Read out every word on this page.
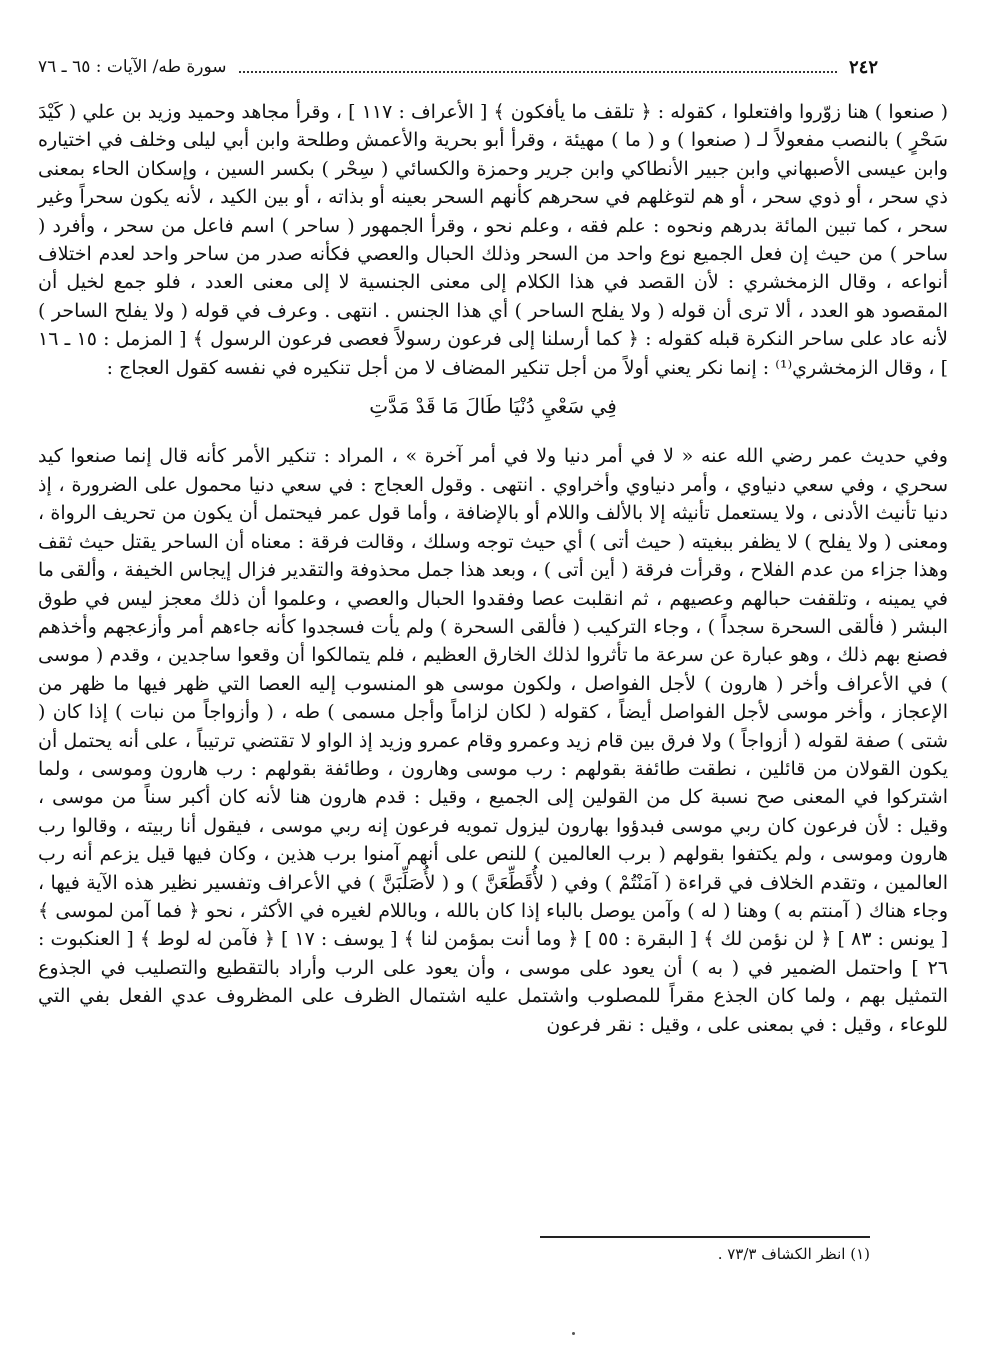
٢٤٢
سورة طه/ الآيات : ٦٥ ـ ٧٦

( صنعوا ) هنا زوّروا وافتعلوا ، كقوله : ﴿ تلقف ما يأفكون ﴾ [ الأعراف : ١١٧ ] ، وقرأ مجاهد وحميد وزيد بن علي ( كَيْدَ سَحْرٍ ) بالنصب مفعولاً لـ ( صنعوا ) و ( ما ) مهيئة ، وقرأ أبو بحرية والأعمش وطلحة وابن أبي ليلى وخلف في اختياره وابن عيسى الأصبهاني وابن جبير الأنطاكي وابن جرير وحمزة والكسائي ( سِحْر ) بكسر السين ، وإسكان الحاء بمعنى ذي سحر ، أو ذوي سحر ، أو هم لتوغلهم في سحرهم كأنهم السحر بعينه أو بذاته ، أو بين الكيد ، لأنه يكون سحراً وغير سحر ، كما تبين المائة بدرهم ونحوه : علم فقه ، وعلم نحو ، وقرأ الجمهور ( ساحر ) اسم فاعل من سحر ، وأفرد ( ساحر ) من حيث إن فعل الجميع نوع واحد من السحر وذلك الحبال والعصي فكأنه صدر من ساحر واحد لعدم اختلاف أنواعه ، وقال الزمخشري : لأن القصد في هذا الكلام إلى معنى الجنسية لا إلى معنى العدد ، فلو جمع لخيل أن المقصود هو العدد ، ألا ترى أن قوله ( ولا يفلح الساحر ) أي هذا الجنس . انتهى . وعرف في قوله ( ولا يفلح الساحر ) لأنه عاد على ساحر النكرة قبله كقوله : ﴿ كما أرسلنا إلى فرعون رسولاً فعصى فرعون الرسول ﴾ [ المزمل : ١٥ ـ ١٦ ] ، وقال الزمخشري⁽¹⁾ : إنما نكر يعني أولاً من أجل تنكير المضاف لا من أجل تنكيره في نفسه كقول العجاج :

فِي سَعْيِ دُنْيَا طَالَ مَا قَدْ مَدَّتِ

وفي حديث عمر رضي الله عنه « لا في أمر دنيا ولا في أمر آخرة » ، المراد : تنكير الأمر كأنه قال إنما صنعوا كيد سحري ، وفي سعي دنياوي ، وأمر دنياوي وأخراوي . انتهى . وقول العجاج : في سعي دنيا محمول على الضرورة ، إذ دنيا تأنيث الأدنى ، ولا يستعمل تأنيثه إلا بالألف واللام أو بالإضافة ، وأما قول عمر فيحتمل أن يكون من تحريف الرواة ، ومعنى ( ولا يفلح ) لا يظفر ببغيته ( حيث أتى ) أي حيث توجه وسلك ، وقالت فرقة : معناه أن الساحر يقتل حيث ثقف وهذا جزاء من عدم الفلاح ، وقرأت فرقة ( أين أتى ) ، وبعد هذا جمل محذوفة والتقدير فزال إيجاس الخيفة ، وألقى ما في يمينه ، وتلقفت حبالهم وعصيهم ، ثم انقلبت عصا وفقدوا الحبال والعصي ، وعلموا أن ذلك معجز ليس في طوق البشر ( فألقى السحرة سجداً ) ، وجاء التركيب ( فألقى السحرة ) ولم يأت فسجدوا كأنه جاءهم أمر وأزعجهم وأخذهم فصنع بهم ذلك ، وهو عبارة عن سرعة ما تأثروا لذلك الخارق العظيم ، فلم يتمالكوا أن وقعوا ساجدين ، وقدم ( موسى ) في الأعراف وأخر ( هارون ) لأجل الفواصل ، ولكون موسى هو المنسوب إليه العصا التي ظهر فيها ما ظهر من الإعجاز ، وأخر موسى لأجل الفواصل أيضاً ، كقوله ( لكان لزاماً وأجل مسمى ) طه ، ( وأزواجاً من نبات ) إذا كان ( شتى ) صفة لقوله ( أزواجاً ) ولا فرق بين قام زيد وعمرو وقام عمرو وزيد إذ الواو لا تقتضي ترتيباً ، على أنه يحتمل أن يكون القولان من قائلين ، نطقت طائفة بقولهم : رب موسى وهارون ، وطائفة بقولهم : رب هارون وموسى ، ولما اشتركوا في المعنى صح نسبة كل من القولين إلى الجميع ، وقيل : قدم هارون هنا لأنه كان أكبر سناً من موسى ، وقيل : لأن فرعون كان ربي موسى فبدؤوا بهارون ليزول تمويه فرعون إنه ربي موسى ، فيقول أنا ربيته ، وقالوا رب هارون وموسى ، ولم يكتفوا بقولهم ( برب العالمين ) للنص على أنهم آمنوا برب هذين ، وكان فيها قيل يزعم أنه رب العالمين ، وتقدم الخلاف في قراءة ( آمَنْتُمْ ) وفي ( لأُقَطِّعَنَّ ) و ( لأُصَلِّبَنَّ ) في الأعراف وتفسير نظير هذه الآية فيها ، وجاء هناك ( آمنتم به ) وهنا ( له ) وآمن يوصل بالباء إذا كان بالله ، وباللام لغيره في الأكثر ، نحو ﴿ فما آمن لموسى ﴾ [ يونس : ٨٣ ] ﴿ لن نؤمن لك ﴾ [ البقرة : ٥٥ ] ﴿ وما أنت بمؤمن لنا ﴾ [ يوسف : ١٧ ] ﴿ فآمن له لوط ﴾ [ العنكبوت : ٢٦ ] واحتمل الضمير في ( به ) أن يعود على موسى ، وأن يعود على الرب وأراد بالتقطيع والتصليب في الجذوع التمثيل بهم ، ولما كان الجذع مقراً للمصلوب واشتمل عليه اشتمال الظرف على المظروف عدي الفعل بفي التي للوعاء ، وقيل : في بمعنى على ، وقيل : نقر فرعون

(١) انظر الكشاف ٧٣/٣ .
